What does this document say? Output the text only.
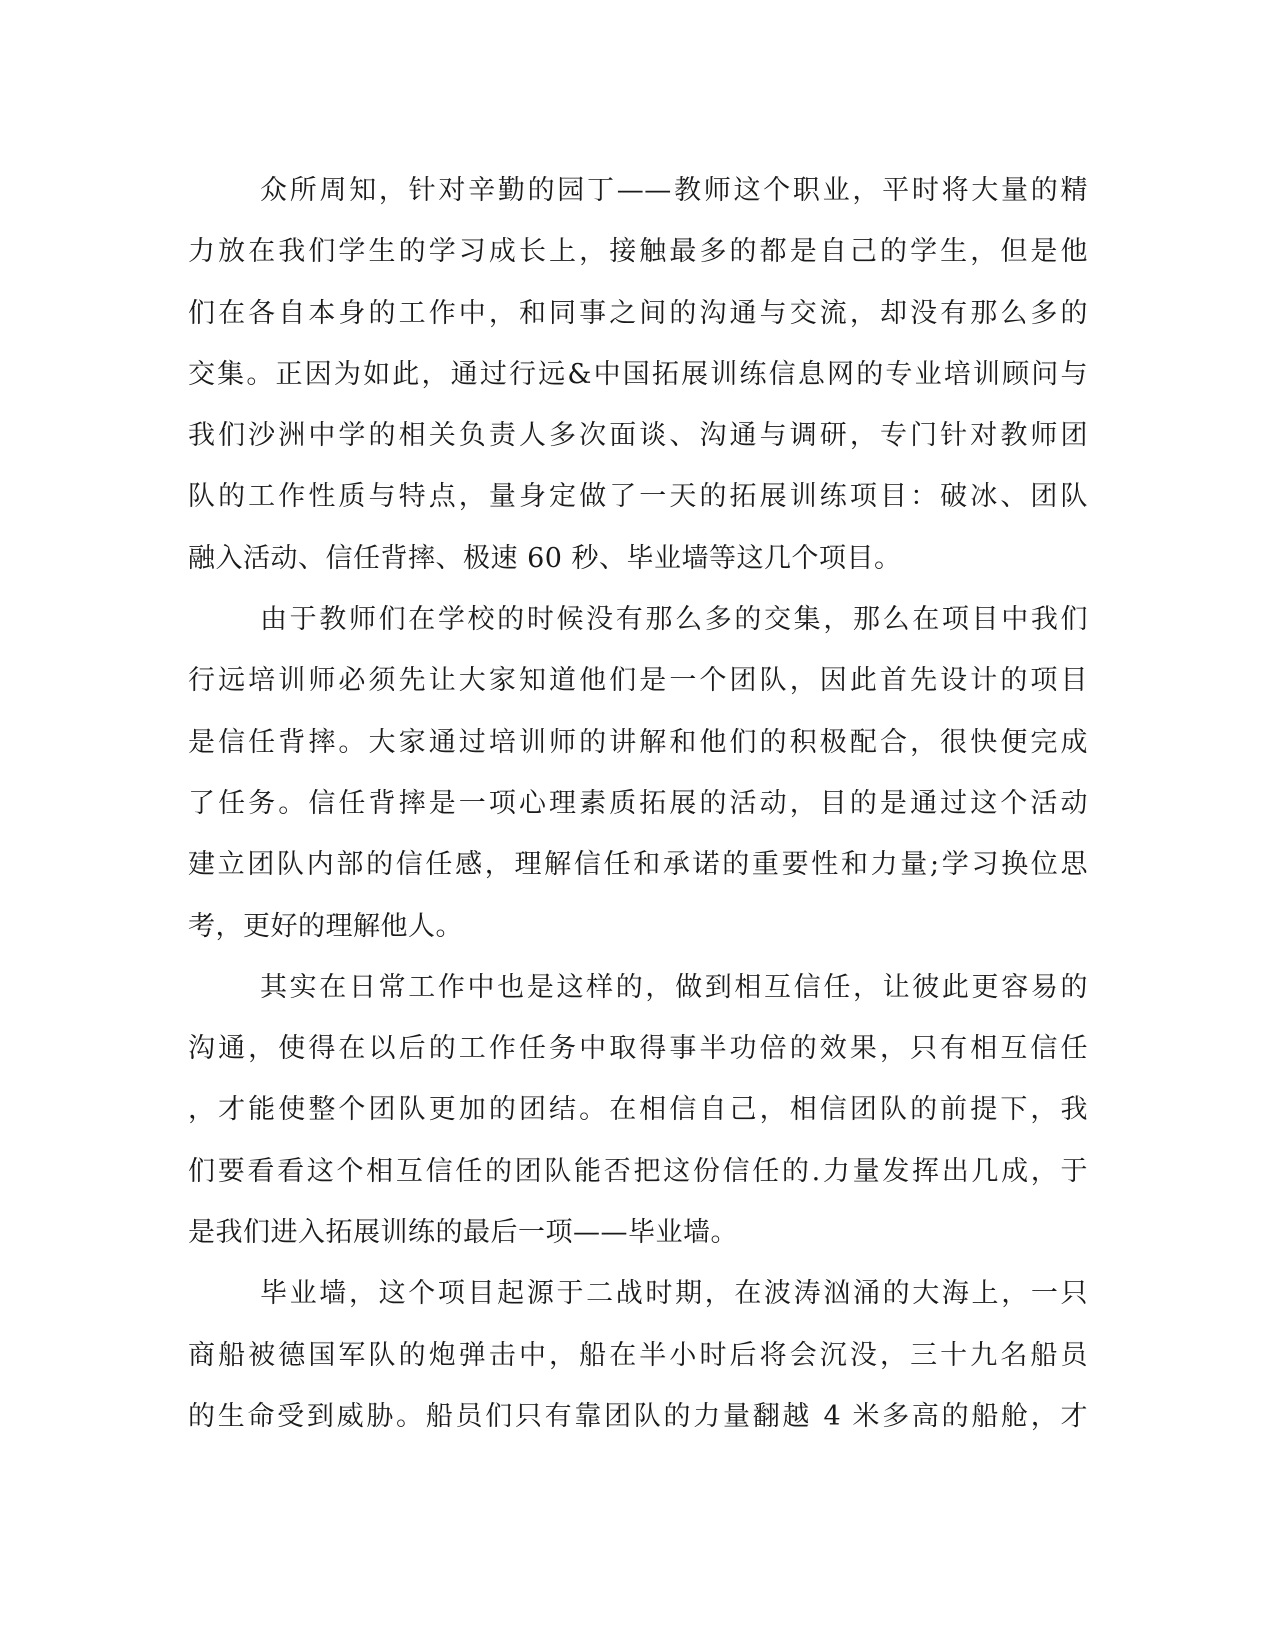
众所周知，针对辛勤的园丁——教师这个职业，平时将大量的精
力放在我们学生的学习成长上，接触最多的都是自己的学生，但是他
们在各自本身的工作中，和同事之间的沟通与交流，却没有那么多的
交集。正因为如此，通过行远&中国拓展训练信息网的专业培训顾问与
我们沙洲中学的相关负责人多次面谈、沟通与调研，专门针对教师团
队的工作性质与特点，量身定做了一天的拓展训练项目：破冰、团队
融入活动、信任背摔、极速 60 秒、毕业墙等这几个项目。
由于教师们在学校的时候没有那么多的交集，那么在项目中我们
行远培训师必须先让大家知道他们是一个团队，因此首先设计的项目
是信任背摔。大家通过培训师的讲解和他们的积极配合，很快便完成
了任务。信任背摔是一项心理素质拓展的活动，目的是通过这个活动
建立团队内部的信任感，理解信任和承诺的重要性和力量;学习换位思
考，更好的理解他人。
其实在日常工作中也是这样的，做到相互信任，让彼此更容易的
沟通，使得在以后的工作任务中取得事半功倍的效果，只有相互信任
，才能使整个团队更加的团结。在相信自己，相信团队的前提下，我
们要看看这个相互信任的团队能否把这份信任的.力量发挥出几成，于
是我们进入拓展训练的最后一项——毕业墙。
毕业墙，这个项目起源于二战时期，在波涛汹涌的大海上，一只
商船被德国军队的炮弹击中，船在半小时后将会沉没，三十九名船员
的生命受到威胁。船员们只有靠团队的力量翻越 4 米多高的船舱，才
